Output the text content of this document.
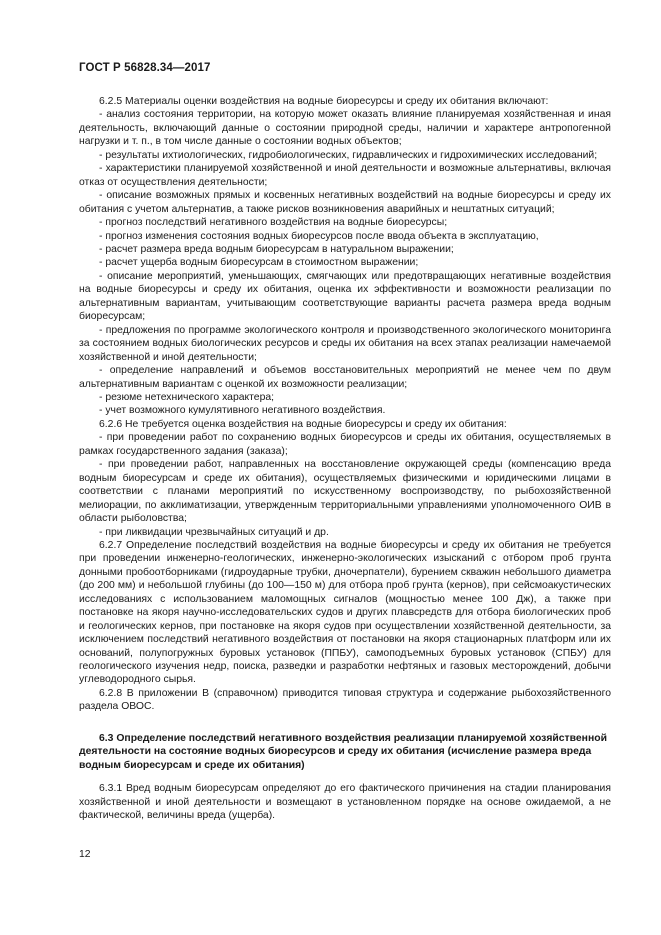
ГОСТ Р 56828.34—2017

6.2.5 Материалы оценки воздействия на водные биоресурсы и среду их обитания включают:

- анализ состояния территории, на которую может оказать влияние планируемая хозяйственная и иная деятельность, включающий данные о состоянии природной среды, наличии и характере антропогенной нагрузки и т. п., в том числе данные о состоянии водных объектов;

- результаты ихтиологических, гидробиологических, гидравлических и гидрохимических исследований;

- характеристики планируемой хозяйственной и иной деятельности и возможные альтернативы, включая отказ от осуществления деятельности;

- описание возможных прямых и косвенных негативных воздействий на водные биоресурсы и среду их обитания с учетом альтернатив, а также рисков возникновения аварийных и нештатных ситуаций;

- прогноз последствий негативного воздействия на водные биоресурсы;

- прогноз изменения состояния водных биоресурсов после ввода объекта в эксплуатацию,

- расчет размера вреда водным биоресурсам в натуральном выражении;

- расчет ущерба водным биоресурсам в стоимостном выражении;

- описание мероприятий, уменьшающих, смягчающих или предотвращающих негативные воздействия на водные биоресурсы и среду их обитания, оценка их эффективности и возможности реализации по альтернативным вариантам, учитывающим соответствующие варианты расчета размера вреда водным биоресурсам;

- предложения по программе экологического контроля и производственного экологического мониторинга за состоянием водных биологических ресурсов и среды их обитания на всех этапах реализации намечаемой хозяйственной и иной деятельности;

- определение направлений и объемов восстановительных мероприятий не менее чем по двум альтернативным вариантам с оценкой их возможности реализации;

- резюме нетехнического характера;

- учет возможного кумулятивного негативного воздействия.

6.2.6 Не требуется оценка воздействия на водные биоресурсы и среду их обитания:

- при проведении работ по сохранению водных биоресурсов и среды их обитания, осуществляемых в рамках государственного задания (заказа);

- при проведении работ, направленных на восстановление окружающей среды (компенсацию вреда водным биоресурсам и среде их обитания), осуществляемых физическими и юридическими лицами в соответствии с планами мероприятий по искусственному воспроизводству, по рыбохозяйственной мелиорации, по акклиматизации, утвержденным территориальными управлениями уполномоченного ОИВ в области рыболовства;

- при ликвидации чрезвычайных ситуаций и др.

6.2.7 Определение последствий воздействия на водные биоресурсы и среду их обитания не требуется при проведении инженерно-геологических, инженерно-экологических изысканий с отбором проб грунта донными пробоотборниками (гидроударные трубки, дночерпатели), бурением скважин небольшого диаметра (до 200 мм) и небольшой глубины (до 100—150 м) для отбора проб грунта (кернов), при сейсмоакустических исследованиях с использованием маломощных сигналов (мощностью менее 100 Дж), а также при постановке на якоря научно-исследовательских судов и других плавсредств для отбора биологических проб и геологических кернов, при постановке на якоря судов при осуществлении хозяйственной деятельности, за исключением последствий негативного воздействия от постановки на якоря стационарных платформ или их оснований, полупогружных буровых установок (ППБУ), самоподъемных буровых установок (СПБУ) для геологического изучения недр, поиска, разведки и разработки нефтяных и газовых месторождений, добычи углеводородного сырья.

6.2.8 В приложении В (справочном) приводится типовая структура и содержание рыбохозяйственного раздела ОВОС.

6.3 Определение последствий негативного воздействия реализации планируемой хозяйственной деятельности на состояние водных биоресурсов и среду их обитания (исчисление размера вреда водным биоресурсам и среде их обитания)

6.3.1 Вред водным биоресурсам определяют до его фактического причинения на стадии планирования хозяйственной и иной деятельности и возмещают в установленном порядке на основе ожидаемой, а не фактической, величины вреда (ущерба).

12
